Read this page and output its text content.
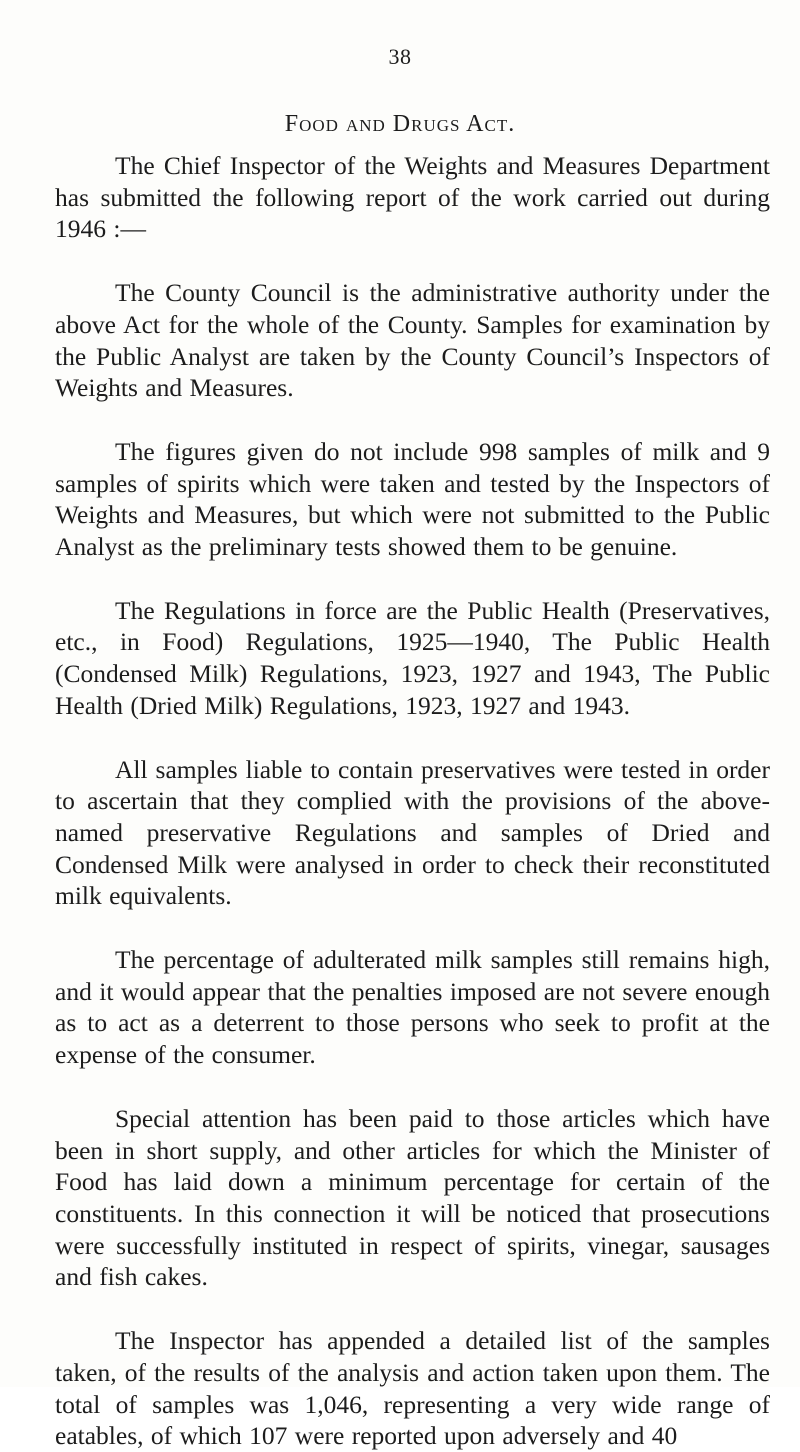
38
Food and Drugs Act.

The Chief Inspector of the Weights and Measures Department has submitted the following report of the work carried out during 1946 :—

The County Council is the administrative authority under the above Act for the whole of the County. Samples for examination by the Public Analyst are taken by the County Council’s Inspectors of Weights and Measures.

The figures given do not include 998 samples of milk and 9 samples of spirits which were taken and tested by the Inspectors of Weights and Measures, but which were not submitted to the Public Analyst as the preliminary tests showed them to be genuine.

The Regulations in force are the Public Health (Preservatives, etc., in Food) Regulations, 1925—1940, The Public Health (Condensed Milk) Regulations, 1923, 1927 and 1943, The Public Health (Dried Milk) Regulations, 1923, 1927 and 1943.

All samples liable to contain preservatives were tested in order to ascertain that they complied with the provisions of the above-named preservative Regulations and samples of Dried and Condensed Milk were analysed in order to check their reconstituted milk equivalents.

The percentage of adulterated milk samples still remains high, and it would appear that the penalties imposed are not severe enough as to act as a deterrent to those persons who seek to profit at the expense of the consumer.

Special attention has been paid to those articles which have been in short supply, and other articles for which the Minister of Food has laid down a minimum percentage for certain of the constituents. In this connection it will be noticed that prosecutions were successfully instituted in respect of spirits, vinegar, sausages and fish cakes.

The Inspector has appended a detailed list of the samples taken, of the results of the analysis and action taken upon them. The total of samples was 1,046, representing a very wide range of eatables, of which 107 were reported upon adversely and 40
